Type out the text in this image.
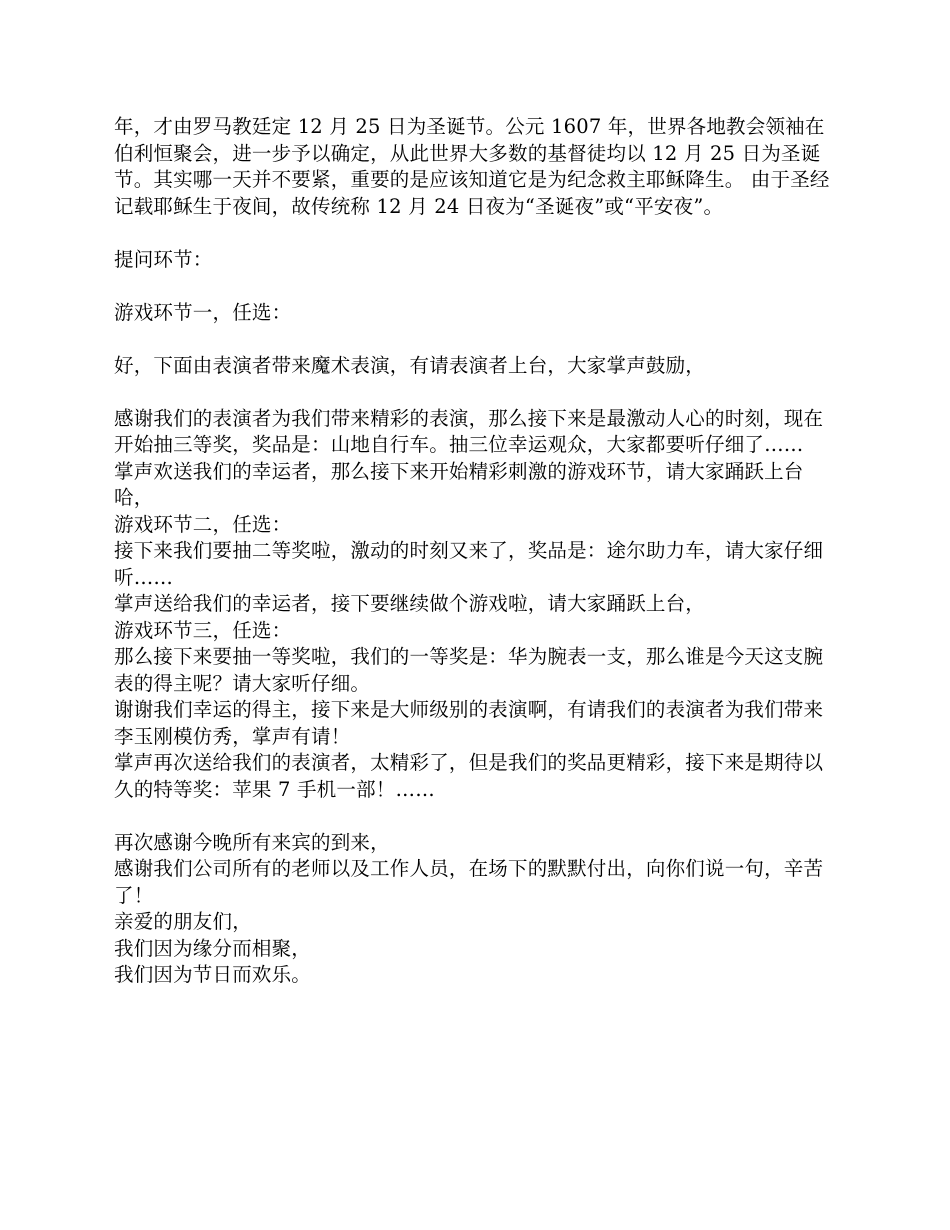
年，才由罗马教廷定 12 月 25 日为圣诞节。公元 1607 年，世界各地教会领袖在伯利恒聚会，进一步予以确定，从此世界大多数的基督徒均以 12 月 25 日为圣诞节。其实哪一天并不要紧，重要的是应该知道它是为纪念救主耶稣降生。 由于圣经记载耶稣生于夜间，故传统称 12 月 24 日夜为“圣诞夜”或“平安夜”。

提问环节：

游戏环节一，任选：

好，下面由表演者带来魔术表演，有请表演者上台，大家掌声鼓励，

感谢我们的表演者为我们带来精彩的表演，那么接下来是最激动人心的时刻，现在开始抽三等奖，奖品是：山地自行车。抽三位幸运观众，大家都要听仔细了……

掌声欢送我们的幸运者，那么接下来开始精彩刺激的游戏环节，请大家踊跃上台哈，

游戏环节二，任选：

接下来我们要抽二等奖啦，激动的时刻又来了，奖品是：途尔助力车，请大家仔细听……

掌声送给我们的幸运者，接下要继续做个游戏啦，请大家踊跃上台，

游戏环节三，任选：

那么接下来要抽一等奖啦，我们的一等奖是：华为腕表一支，那么谁是今天这支腕表的得主呢？请大家听仔细。

谢谢我们幸运的得主，接下来是大师级别的表演啊，有请我们的表演者为我们带来李玉刚模仿秀，掌声有请！

掌声再次送给我们的表演者，太精彩了，但是我们的奖品更精彩，接下来是期待以久的特等奖：苹果 7 手机一部！……

再次感谢今晚所有来宾的到来，

感谢我们公司所有的老师以及工作人员，在场下的默默付出，向你们说一句，辛苦了！

亲爱的朋友们，

我们因为缘分而相聚，

我们因为节日而欢乐。
